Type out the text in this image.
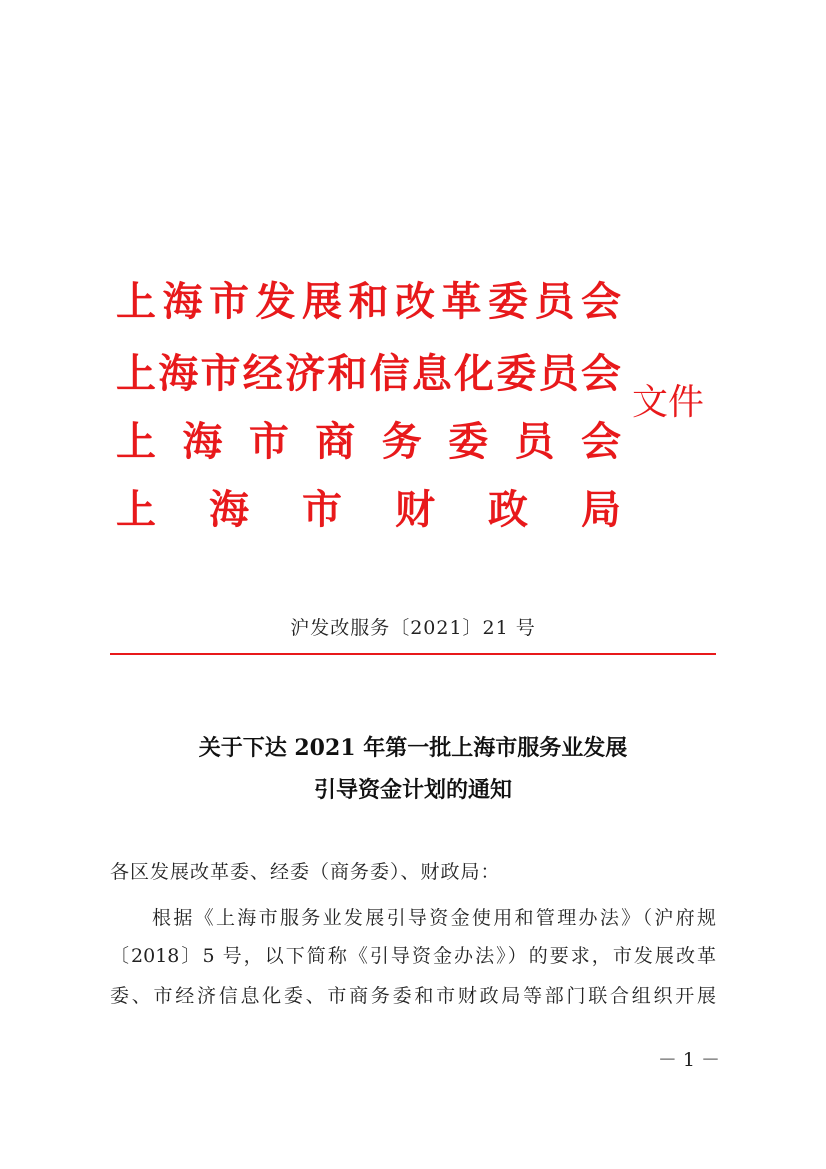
上 海 市 发 展 和 改 革 委 员 会
上 海 市 经 济 和 信 息 化 委 员 会
上 海 市 商 务 委 员 会
上 海 市 财 政 局
文件
沪发改服务〔2021〕21 号
关于下达 2021 年第一批上海市服务业发展
引导资金计划的通知
各区发展改革委、经委（商务委）、财政局：
根据《上海市服务业发展引导资金使用和管理办法》（沪府规
〔2018〕5 号，以下简称《引导资金办法》）的要求，市发展改革
委、市经济信息化委、市商务委和市财政局等部门联合组织开展
－ 1 －
